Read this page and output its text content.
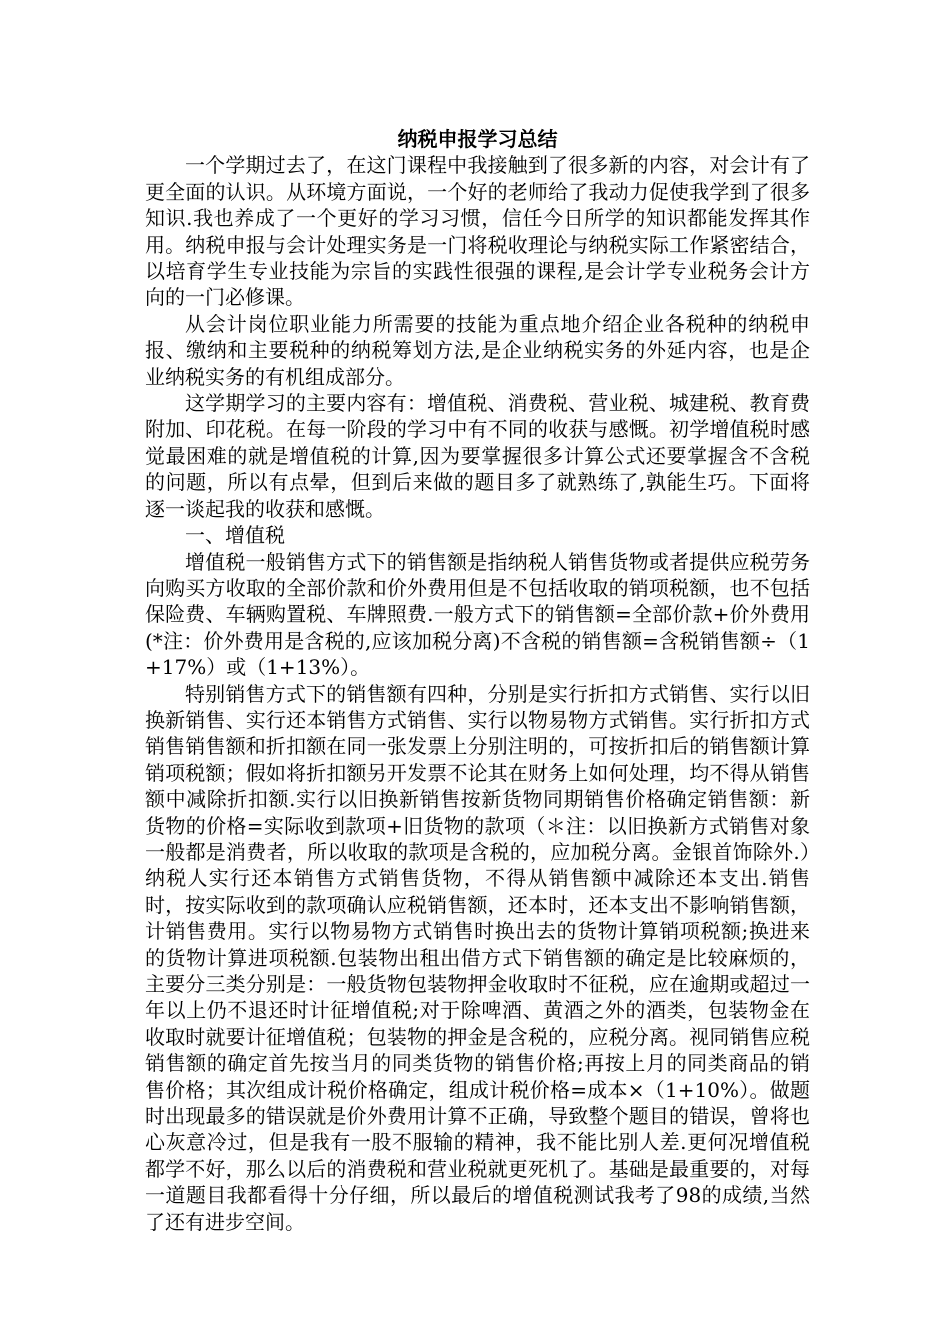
纳税申报学习总结

一个学期过去了，在这门课程中我接触到了很多新的内容，对会计有了更全面的认识。从环境方面说，一个好的老师给了我动力促使我学到了很多知识.我也养成了一个更好的学习习惯，信任今日所学的知识都能发挥其作用。纳税申报与会计处理实务是一门将税收理论与纳税实际工作紧密结合，以培育学生专业技能为宗旨的实践性很强的课程,是会计学专业税务会计方向的一门必修课。

从会计岗位职业能力所需要的技能为重点地介绍企业各税种的纳税申报、缴纳和主要税种的纳税筹划方法,是企业纳税实务的外延内容，也是企业纳税实务的有机组成部分。

这学期学习的主要内容有：增值税、消费税、营业税、城建税、教育费附加、印花税。在每一阶段的学习中有不同的收获与感慨。初学增值税时感觉最困难的就是增值税的计算,因为要掌握很多计算公式还要掌握含不含税的问题，所以有点晕，但到后来做的题目多了就熟练了,孰能生巧。下面将逐一谈起我的收获和感慨。

一、增值税

增值税一般销售方式下的销售额是指纳税人销售货物或者提供应税劳务向购买方收取的全部价款和价外费用但是不包括收取的销项税额，也不包括保险费、车辆购置税、车牌照费.一般方式下的销售额=全部价款+价外费用(*注：价外费用是含税的,应该加税分离)不含税的销售额=含税销售额÷（1+17%）或（1+13%）。

特别销售方式下的销售额有四种，分别是实行折扣方式销售、实行以旧换新销售、实行还本销售方式销售、实行以物易物方式销售。实行折扣方式销售销售额和折扣额在同一张发票上分别注明的，可按折扣后的销售额计算销项税额；假如将折扣额另开发票不论其在财务上如何处理，均不得从销售额中减除折扣额.实行以旧换新销售按新货物同期销售价格确定销售额：新货物的价格=实际收到款项+旧货物的款项（＊注：以旧换新方式销售对象一般都是消费者，所以收取的款项是含税的，应加税分离。金银首饰除外.）纳税人实行还本销售方式销售货物，不得从销售额中减除还本支出.销售时，按实际收到的款项确认应税销售额，还本时，还本支出不影响销售额，计销售费用。实行以物易物方式销售时换出去的货物计算销项税额;换进来的货物计算进项税额.包装物出租出借方式下销售额的确定是比较麻烦的，主要分三类分别是：一般货物包装物押金收取时不征税，应在逾期或超过一年以上仍不退还时计征增值税;对于除啤酒、黄酒之外的酒类，包装物金在收取时就要计征增值税；包装物的押金是含税的，应税分离。视同销售应税销售额的确定首先按当月的同类货物的销售价格;再按上月的同类商品的销售价格；其次组成计税价格确定，组成计税价格=成本×（1+10%）。做题时出现最多的错误就是价外费用计算不正确，导致整个题目的错误，曾将也心灰意冷过，但是我有一股不服输的精神，我不能比别人差.更何况增值税都学不好，那么以后的消费税和营业税就更死机了。基础是最重要的，对每一道题目我都看得十分仔细，所以最后的增值税测试我考了98的成绩,当然了还有进步空间。
